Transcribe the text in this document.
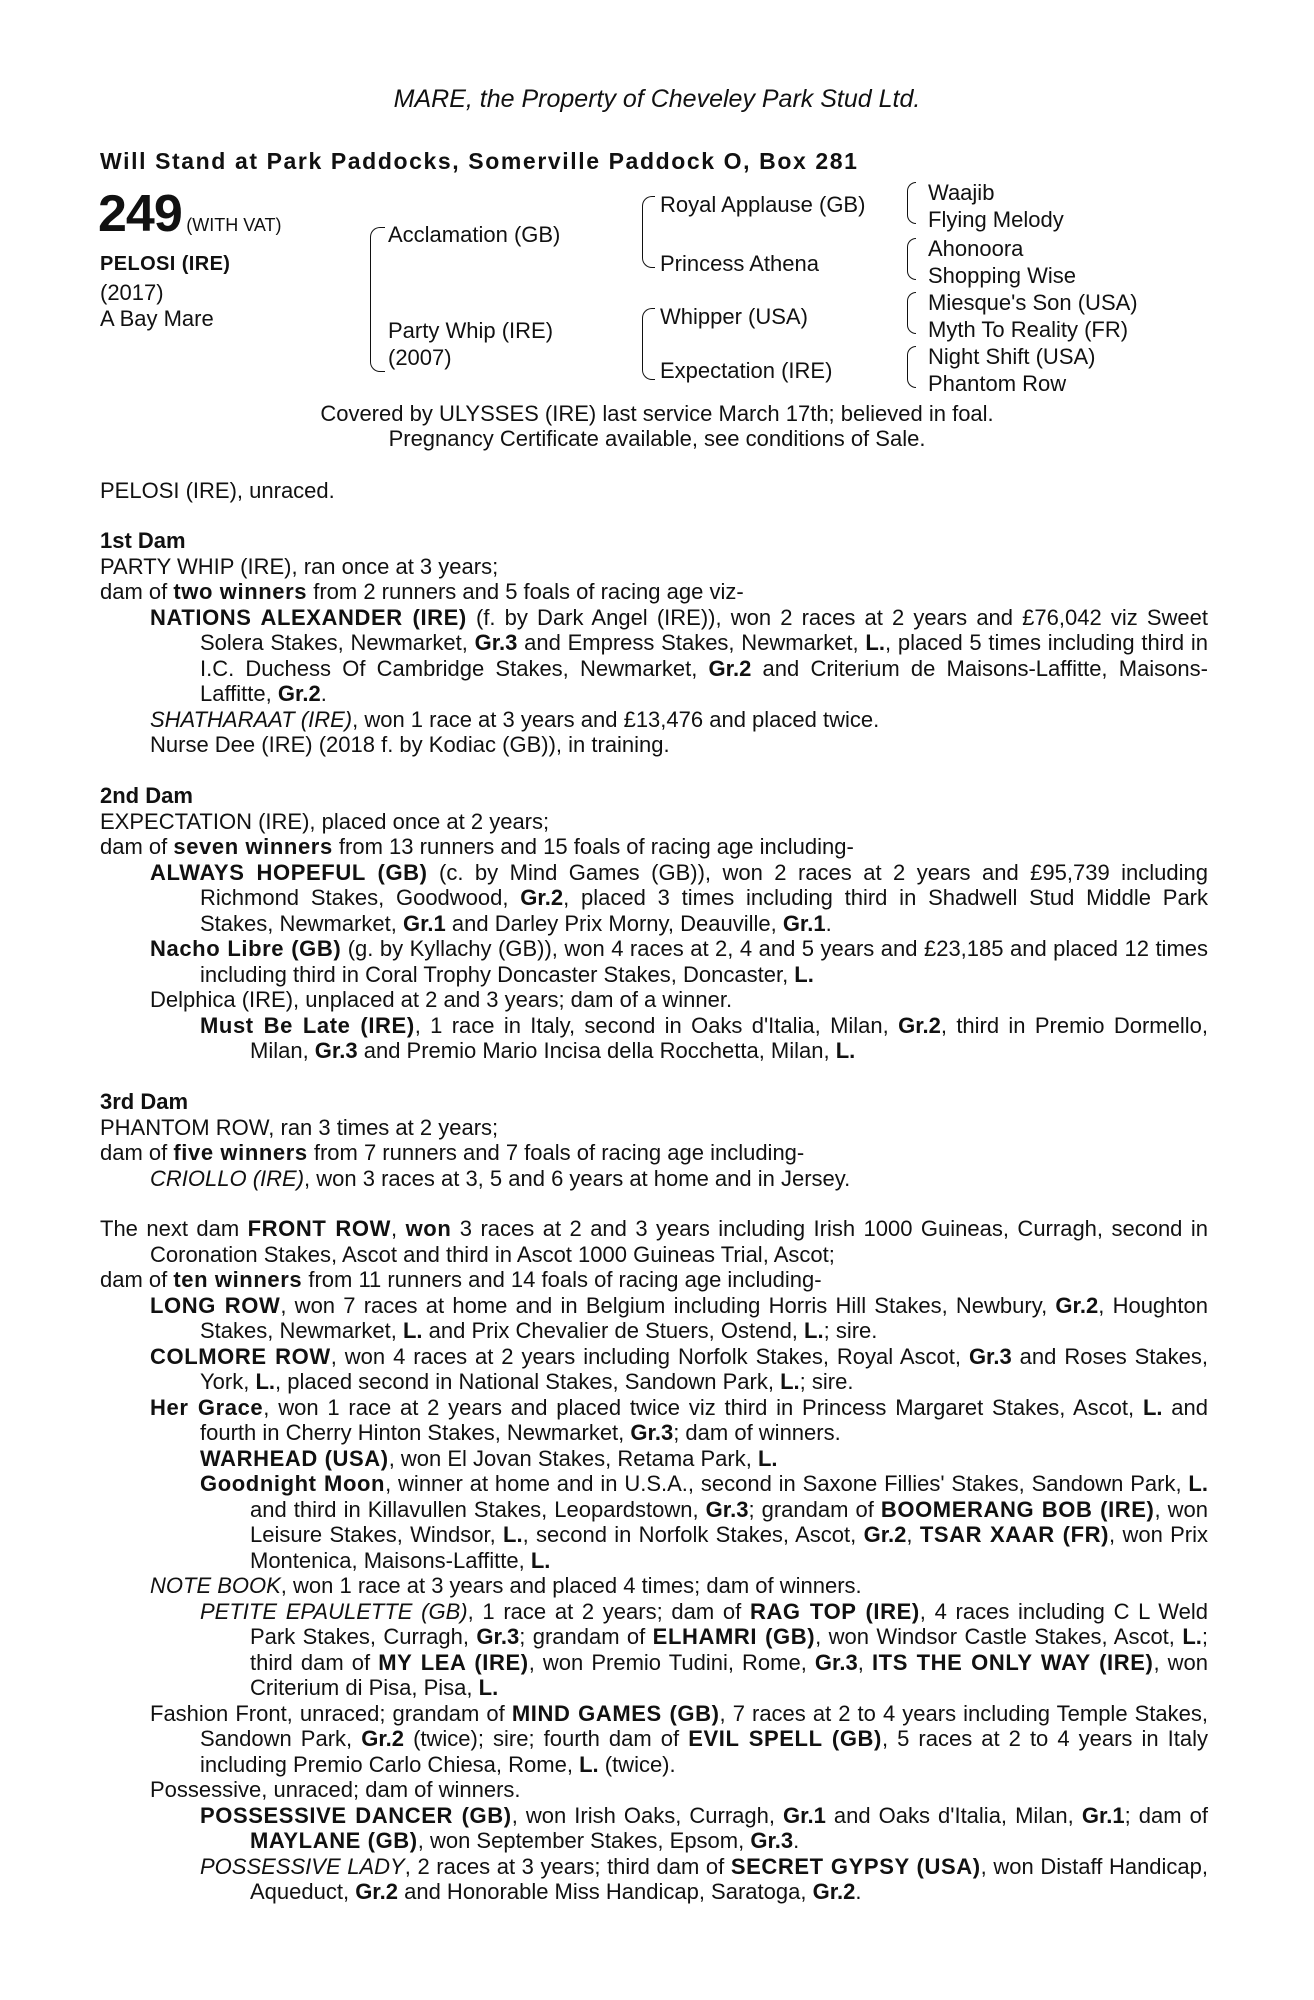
MARE, the Property of Cheveley Park Stud Ltd.
Will Stand at Park Paddocks, Somerville Paddock O, Box 281
249 (WITH VAT)
PELOSI (IRE)
(2017)
A Bay Mare
Acclamation (GB)
Party Whip (IRE)
(2007)
Royal Applause (GB)
Princess Athena
Whipper (USA)
Expectation (IRE)
Waajib
Flying Melody
Ahonoora
Shopping Wise
Miesque's Son (USA)
Myth To Reality (FR)
Night Shift (USA)
Phantom Row
Covered by ULYSSES (IRE) last service March 17th; believed in foal.
Pregnancy Certificate available, see conditions of Sale.
PELOSI (IRE), unraced.

1st Dam

PARTY WHIP (IRE), ran once at 3 years;

dam of two winners from 2 runners and 5 foals of racing age viz-

NATIONS ALEXANDER (IRE) (f. by Dark Angel (IRE)), won 2 races at 2 years and £76,042 viz Sweet Solera Stakes, Newmarket, Gr.3 and Empress Stakes, Newmarket, L., placed 5 times including third in I.C. Duchess Of Cambridge Stakes, Newmarket, Gr.2 and Criterium de Maisons-Laffitte, Maisons-Laffitte, Gr.2.

SHATHARAAT (IRE), won 1 race at 3 years and £13,476 and placed twice.

Nurse Dee (IRE) (2018 f. by Kodiac (GB)), in training.

2nd Dam

EXPECTATION (IRE), placed once at 2 years;

dam of seven winners from 13 runners and 15 foals of racing age including-

ALWAYS HOPEFUL (GB) (c. by Mind Games (GB)), won 2 races at 2 years and £95,739 including Richmond Stakes, Goodwood, Gr.2, placed 3 times including third in Shadwell Stud Middle Park Stakes, Newmarket, Gr.1 and Darley Prix Morny, Deauville, Gr.1.

Nacho Libre (GB) (g. by Kyllachy (GB)), won 4 races at 2, 4 and 5 years and £23,185 and placed 12 times including third in Coral Trophy Doncaster Stakes, Doncaster, L.

Delphica (IRE), unplaced at 2 and 3 years; dam of a winner.

Must Be Late (IRE), 1 race in Italy, second in Oaks d'Italia, Milan, Gr.2, third in Premio Dormello, Milan, Gr.3 and Premio Mario Incisa della Rocchetta, Milan, L.

3rd Dam

PHANTOM ROW, ran 3 times at 2 years;

dam of five winners from 7 runners and 7 foals of racing age including-

CRIOLLO (IRE), won 3 races at 3, 5 and 6 years at home and in Jersey.

The next dam FRONT ROW, won 3 races at 2 and 3 years including Irish 1000 Guineas, Curragh, second in Coronation Stakes, Ascot and third in Ascot 1000 Guineas Trial, Ascot;

dam of ten winners from 11 runners and 14 foals of racing age including-

LONG ROW, won 7 races at home and in Belgium including Horris Hill Stakes, Newbury, Gr.2, Houghton Stakes, Newmarket, L. and Prix Chevalier de Stuers, Ostend, L.; sire.

COLMORE ROW, won 4 races at 2 years including Norfolk Stakes, Royal Ascot, Gr.3 and Roses Stakes, York, L., placed second in National Stakes, Sandown Park, L.; sire.

Her Grace, won 1 race at 2 years and placed twice viz third in Princess Margaret Stakes, Ascot, L. and fourth in Cherry Hinton Stakes, Newmarket, Gr.3; dam of winners.

WARHEAD (USA), won El Jovan Stakes, Retama Park, L.

Goodnight Moon, winner at home and in U.S.A., second in Saxone Fillies' Stakes, Sandown Park, L. and third in Killavullen Stakes, Leopardstown, Gr.3; grandam of BOOMERANG BOB (IRE), won Leisure Stakes, Windsor, L., second in Norfolk Stakes, Ascot, Gr.2, TSAR XAAR (FR), won Prix Montenica, Maisons-Laffitte, L.

NOTE BOOK, won 1 race at 3 years and placed 4 times; dam of winners.

PETITE EPAULETTE (GB), 1 race at 2 years; dam of RAG TOP (IRE), 4 races including C L Weld Park Stakes, Curragh, Gr.3; grandam of ELHAMRI (GB), won Windsor Castle Stakes, Ascot, L.; third dam of MY LEA (IRE), won Premio Tudini, Rome, Gr.3, ITS THE ONLY WAY (IRE), won Criterium di Pisa, Pisa, L.

Fashion Front, unraced; grandam of MIND GAMES (GB), 7 races at 2 to 4 years including Temple Stakes, Sandown Park, Gr.2 (twice); sire; fourth dam of EVIL SPELL (GB), 5 races at 2 to 4 years in Italy including Premio Carlo Chiesa, Rome, L. (twice).

Possessive, unraced; dam of winners.

POSSESSIVE DANCER (GB), won Irish Oaks, Curragh, Gr.1 and Oaks d'Italia, Milan, Gr.1; dam of MAYLANE (GB), won September Stakes, Epsom, Gr.3.

POSSESSIVE LADY, 2 races at 3 years; third dam of SECRET GYPSY (USA), won Distaff Handicap, Aqueduct, Gr.2 and Honorable Miss Handicap, Saratoga, Gr.2.
